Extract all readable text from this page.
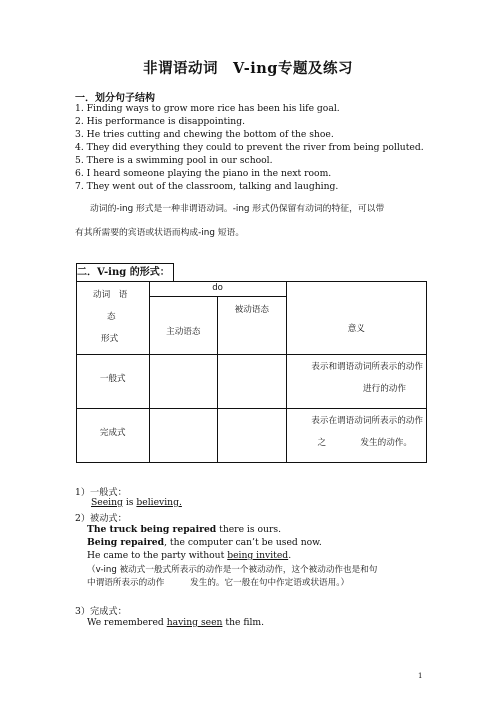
非谓语动词　V-ing专题及练习
一．划分句子结构
1. Finding ways to grow more rice has been his life goal.
2. His performance is disappointing.
3. He tries cutting and chewing the bottom of the shoe.
4. They did everything they could to prevent the river from being polluted.
5. There is a swimming pool in our school.
6. I heard someone playing the piano in the next room.
7. They went out of the classroom, talking and laughing.
动词的-ing 形式是一种非谓语动词。-ing 形式仍保留有动词的特征，可以带
有其所需要的宾语或状语而构成-ing 短语。
二．V-ing 的形式：
动词　语
态
形式	do		意义

	主动语态	被动语态	

一般式			表示和谓语动词所表示的动作
进行的动作

完成式			表示在谓语动词所表示的动作
之　　　　发生的动作。
1）一般式：
Seeing is believing.
2）被动式：
The truck being repaired there is ours.
Being repaired, the computer can’t be used now.
He came to the party without being invited.
（v-ing 被动式一般式所表示的动作是一个被动动作，这个被动动作也是和句
中谓语所表示的动作　　　发生的。它一般在句中作定语或状语用。）
3）完成式：
We remembered having seen the film.
1
